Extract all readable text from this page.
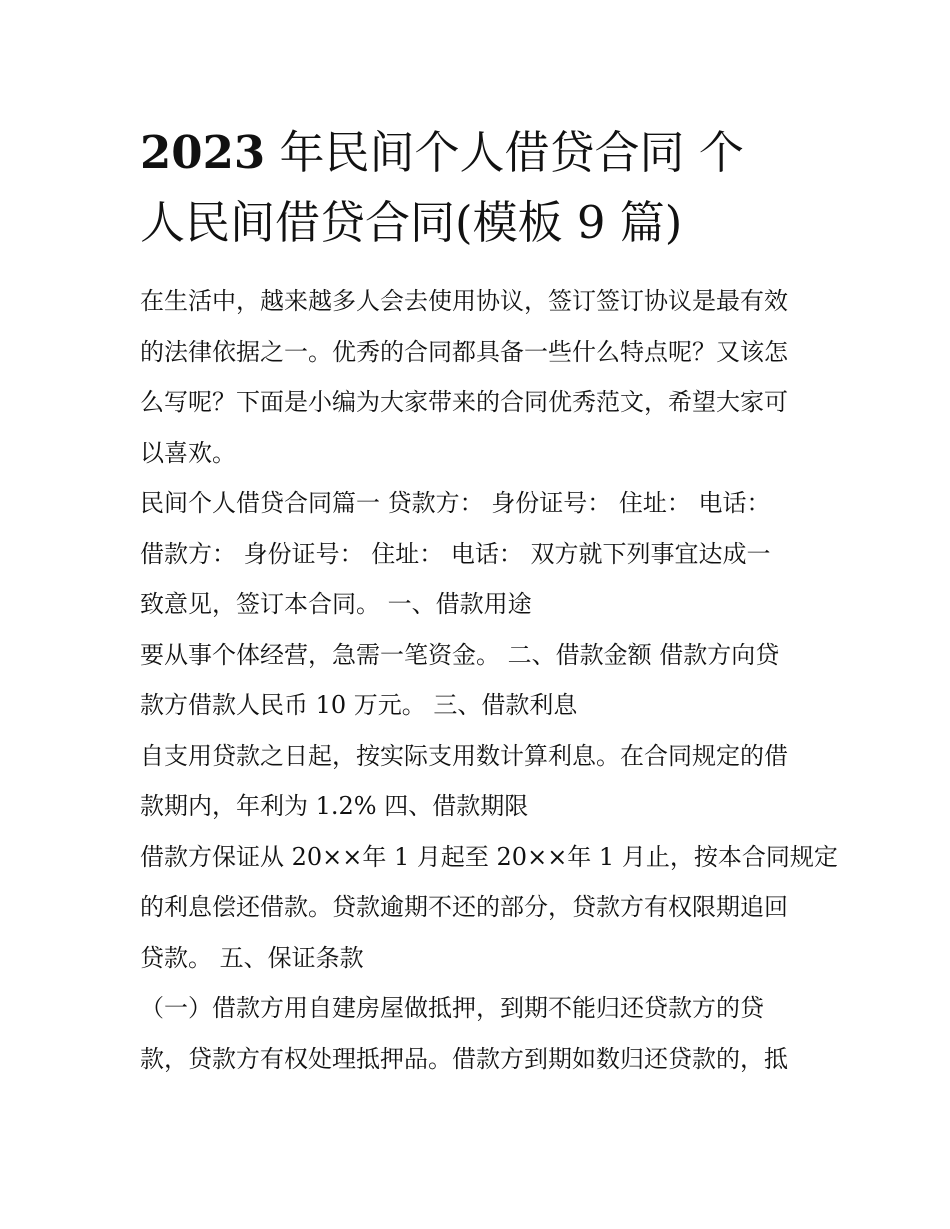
2023 年民间个人借贷合同 个
人民间借贷合同(模板 9 篇)
在生活中，越来越多人会去使用协议，签订签订协议是最有效
的法律依据之一。优秀的合同都具备一些什么特点呢？又该怎
么写呢？下面是小编为大家带来的合同优秀范文，希望大家可
以喜欢。
民间个人借贷合同篇一 贷款方： 身份证号： 住址： 电话：
借款方： 身份证号： 住址： 电话： 双方就下列事宜达成一
致意见，签订本合同。 一、借款用途
要从事个体经营，急需一笔资金。 二、借款金额 借款方向贷
款方借款人民币 10 万元。 三、借款利息
自支用贷款之日起，按实际支用数计算利息。在合同规定的借
款期内，年利为 1.2% 四、借款期限
借款方保证从 20××年 1 月起至 20××年 1 月止，按本合同规定
的利息偿还借款。贷款逾期不还的部分，贷款方有权限期追回
贷款。 五、保证条款
（一）借款方用自建房屋做抵押，到期不能归还贷款方的贷
款，贷款方有权处理抵押品。借款方到期如数归还贷款的，抵
